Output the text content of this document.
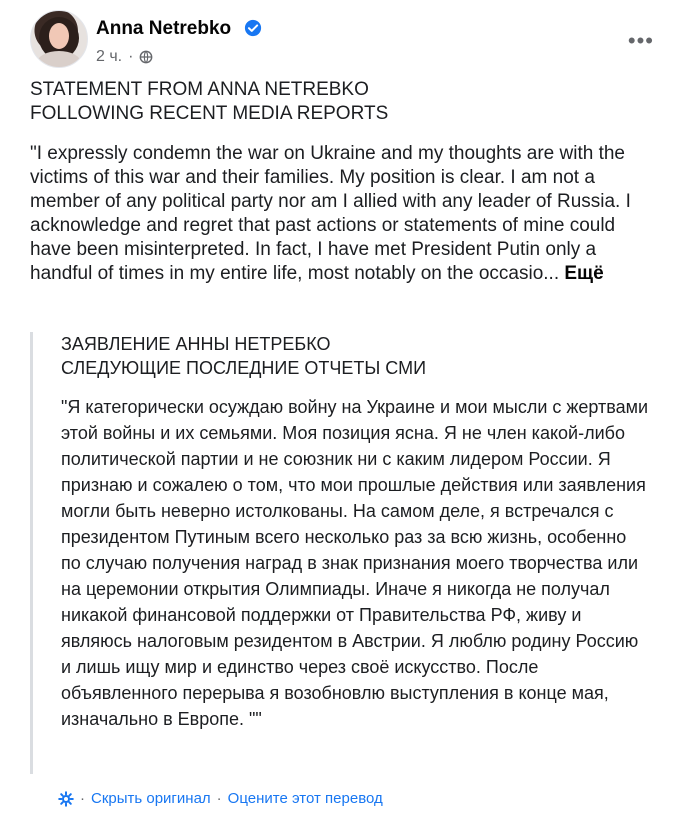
Anna Netrebko
2 ч. ·
•••
STATEMENT FROM ANNA NETREBKO
FOLLOWING RECENT MEDIA REPORTS
"I expressly condemn the war on Ukraine and my thoughts are with the victims of this war and their families. My position is clear. I am not a member of any political party nor am I allied with any leader of Russia. I acknowledge and regret that past actions or statements of mine could have been misinterpreted. In fact, I have met President Putin only a handful of times in my entire life, most notably on the occasio... Ещё
ЗАЯВЛЕНИЕ АННЫ НЕТРЕБКО
СЛЕДУЮЩИЕ ПОСЛЕДНИЕ ОТЧЕТЫ СМИ
"Я категорически осуждаю войну на Украине и мои мысли с жертвами этой войны и их семьями. Моя позиция ясна. Я не член какой-либо политической партии и не союзник ни с каким лидером России. Я признаю и сожалею о том, что мои прошлые действия или заявления могли быть неверно истолкованы. На самом деле, я встречался с президентом Путиным всего несколько раз за всю жизнь, особенно по случаю получения наград в знак признания моего творчества или на церемонии открытия Олимпиады. Иначе я никогда не получал никакой финансовой поддержки от Правительства РФ, живу и являюсь налоговым резидентом в Австрии. Я люблю родину Россию и лишь ищу мир и единство через своё искусство. После объявленного перерыва я возобновлю выступления в конце мая, изначально в Европе. ""
· Скрыть оригинал · Оцените этот перевод
